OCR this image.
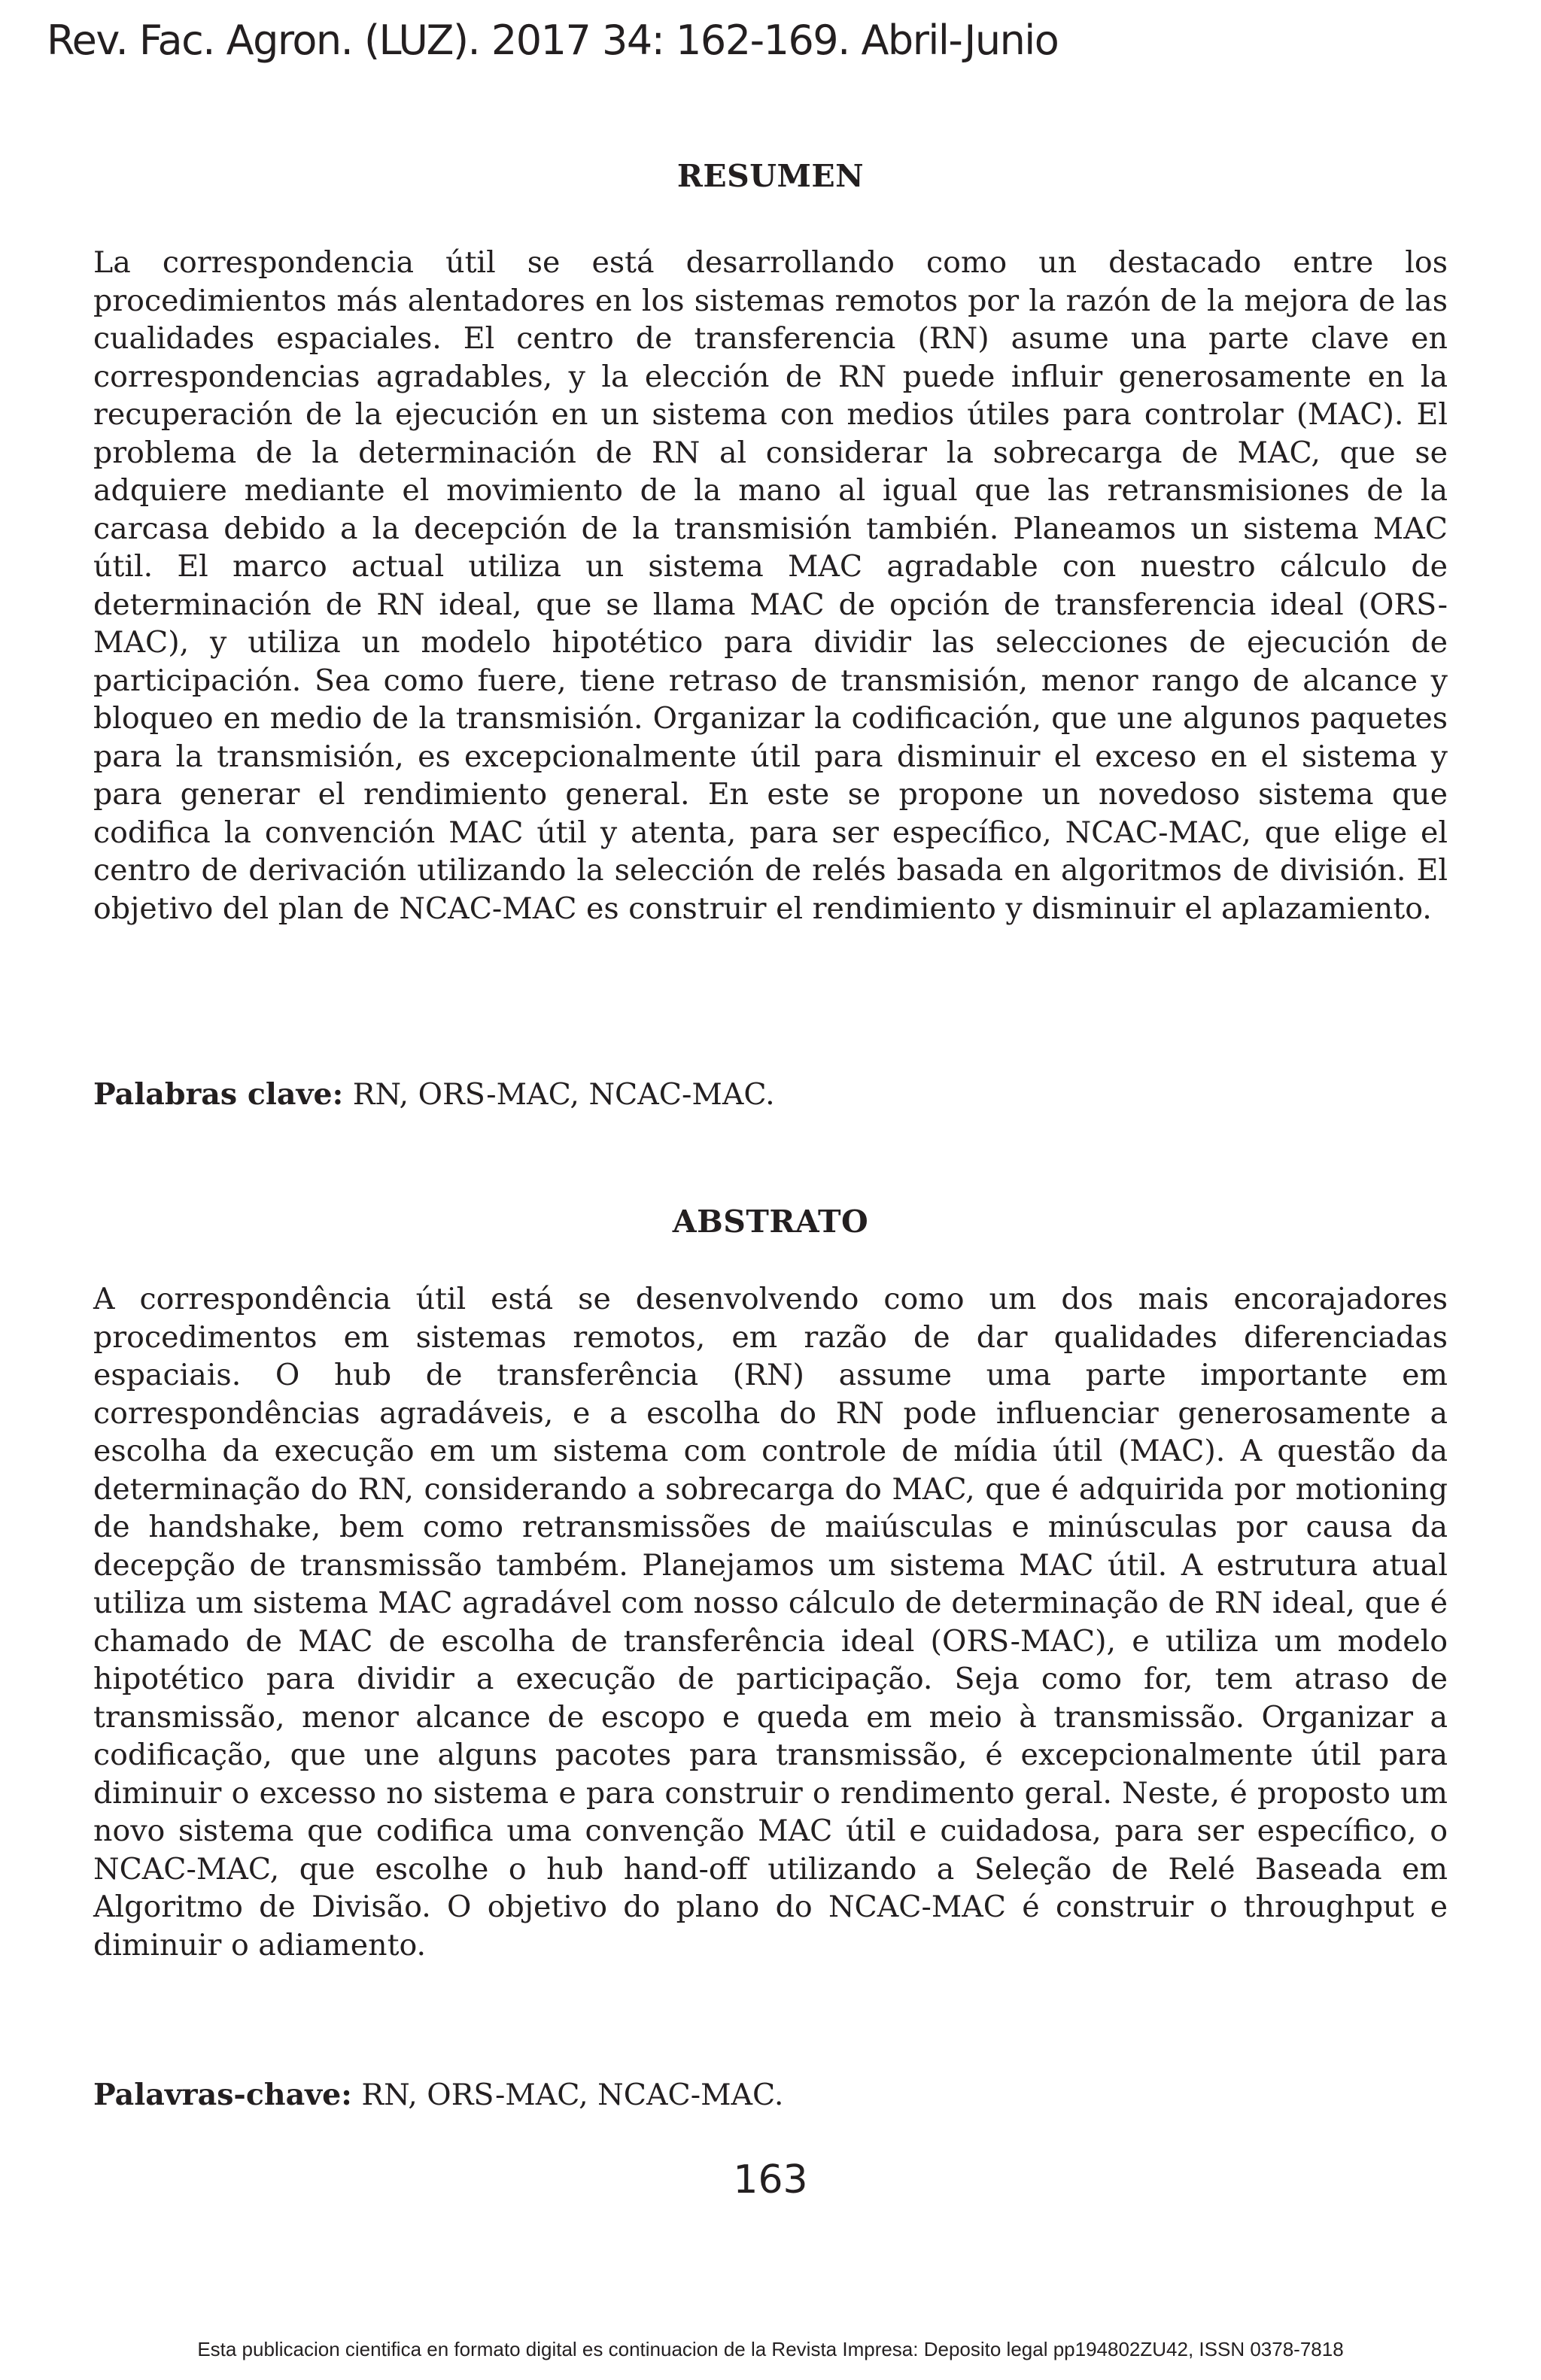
Rev. Fac. Agron. (LUZ). 2017 34: 162-169. Abril-Junio
RESUMEN

La correspondencia útil se está desarrollando como un destacado entre los procedimientos más alentadores en los sistemas remotos por la razón de la mejora de las cualidades espaciales. El centro de transferencia (RN) asume una parte clave en correspondencias agradables, y la elección de RN puede influir generosamente en la recuperación de la ejecución en un sistema con medios útiles para controlar (MAC). El problema de la determinación de RN al considerar la sobrecarga de MAC, que se adquiere mediante el movimiento de la mano al igual que las retransmisiones de la carcasa debido a la decepción de la transmisión también. Planeamos un sistema MAC útil. El marco actual utiliza un sistema MAC agradable con nuestro cálculo de determinación de RN ideal, que se llama MAC de opción de transferencia ideal (ORS-MAC), y utiliza un modelo hipotético para dividir las selecciones de ejecución de participación. Sea como fuere, tiene retraso de transmisión, menor rango de alcance y bloqueo en medio de la transmisión. Organizar la codificación, que une algunos paquetes para la transmisión, es excepcionalmente útil para disminuir el exceso en el sistema y para generar el rendimiento general. En este se propone un novedoso sistema que codifica la convención MAC útil y atenta, para ser específico, NCAC-MAC, que elige el centro de derivación utilizando la selección de relés basada en algoritmos de división. El objetivo del plan de NCAC-MAC es construir el rendimiento y disminuir el aplazamiento.

Palabras clave: RN, ORS-MAC, NCAC-MAC.

ABSTRATO

A correspondência útil está se desenvolvendo como um dos mais encorajadores procedimentos em sistemas remotos, em razão de dar qualidades diferenciadas espaciais. O hub de transferência (RN) assume uma parte importante em correspondências agradáveis, e a escolha do RN pode influenciar generosamente a escolha da execução em um sistema com controle de mídia útil (MAC). A questão da determinação do RN, considerando a sobrecarga do MAC, que é adquirida por motioning de handshake, bem como retransmissões de maiúsculas e minúsculas por causa da decepção de transmissão também. Planejamos um sistema MAC útil. A estrutura atual utiliza um sistema MAC agradável com nosso cálculo de determinação de RN ideal, que é chamado de MAC de escolha de transferência ideal (ORS-MAC), e utiliza um modelo hipotético para dividir a execução de participação. Seja como for, tem atraso de transmissão, menor alcance de escopo e queda em meio à transmissão. Organizar a codificação, que une alguns pacotes para transmissão, é excepcionalmente útil para diminuir o excesso no sistema e para construir o rendimento geral. Neste, é proposto um novo sistema que codifica uma convenção MAC útil e cuidadosa, para ser específico, o NCAC-MAC, que escolhe o hub hand-off utilizando a Seleção de Relé Baseada em Algoritmo de Divisão. O objetivo do plano do NCAC-MAC é construir o throughput e diminuir o adiamento.

Palavras-chave: RN, ORS-MAC, NCAC-MAC.

163
Esta publicacion cientifica en formato digital es continuacion de la Revista Impresa: Deposito legal pp194802ZU42, ISSN 0378-7818
